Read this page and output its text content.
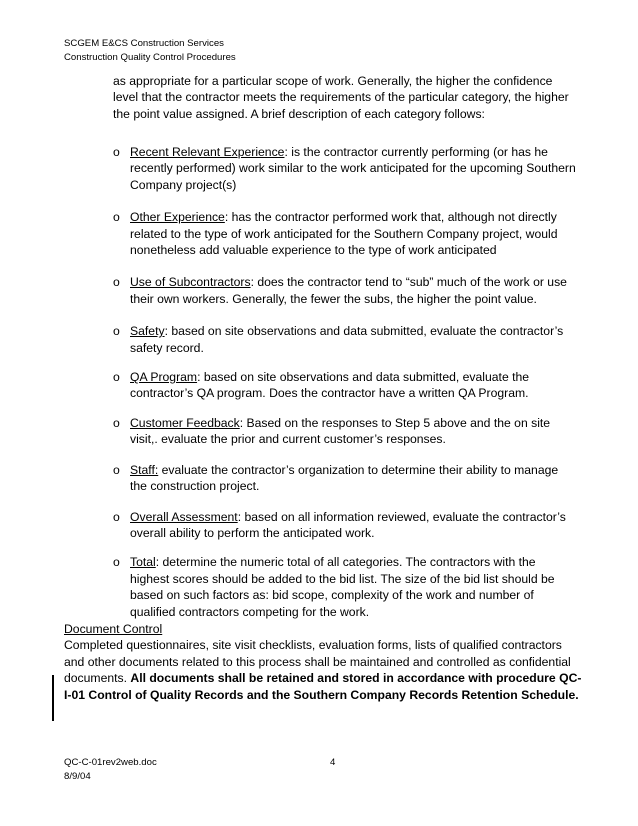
SCGEM E&CS Construction Services
Construction Quality Control Procedures
as appropriate for a particular scope of work. Generally, the higher the confidence level that the contractor meets the requirements of the particular category, the higher the point value assigned. A brief description of each category follows:
o Recent Relevant Experience: is the contractor currently performing (or has he recently performed) work similar to the work anticipated for the upcoming Southern Company project(s)
o Other Experience: has the contractor performed work that, although not directly related to the type of work anticipated for the Southern Company project, would nonetheless add valuable experience to the type of work anticipated
o Use of Subcontractors: does the contractor tend to “sub” much of the work or use their own workers. Generally, the fewer the subs, the higher the point value.
o Safety: based on site observations and data submitted, evaluate the contractor’s safety record.
o QA Program: based on site observations and data submitted, evaluate the contractor’s QA program. Does the contractor have a written QA Program.
o Customer Feedback: Based on the responses to Step 5 above and the on site visit,. evaluate the prior and current customer’s responses.
o Staff: evaluate the contractor’s organization to determine their ability to manage the construction project.
o Overall Assessment: based on all information reviewed, evaluate the contractor’s overall ability to perform the anticipated work.
o Total: determine the numeric total of all categories. The contractors with the highest scores should be added to the bid list. The size of the bid list should be based on such factors as: bid scope, complexity of the work and number of qualified contractors competing for the work.
Document Control
Completed questionnaires, site visit checklists, evaluation forms, lists of qualified contractors and other documents related to this process shall be maintained and controlled as confidential documents. All documents shall be retained and stored in accordance with procedure QC-I-01 Control of Quality Records and the Southern Company Records Retention Schedule.
QC-C-01rev2web.doc
8/9/04
4
